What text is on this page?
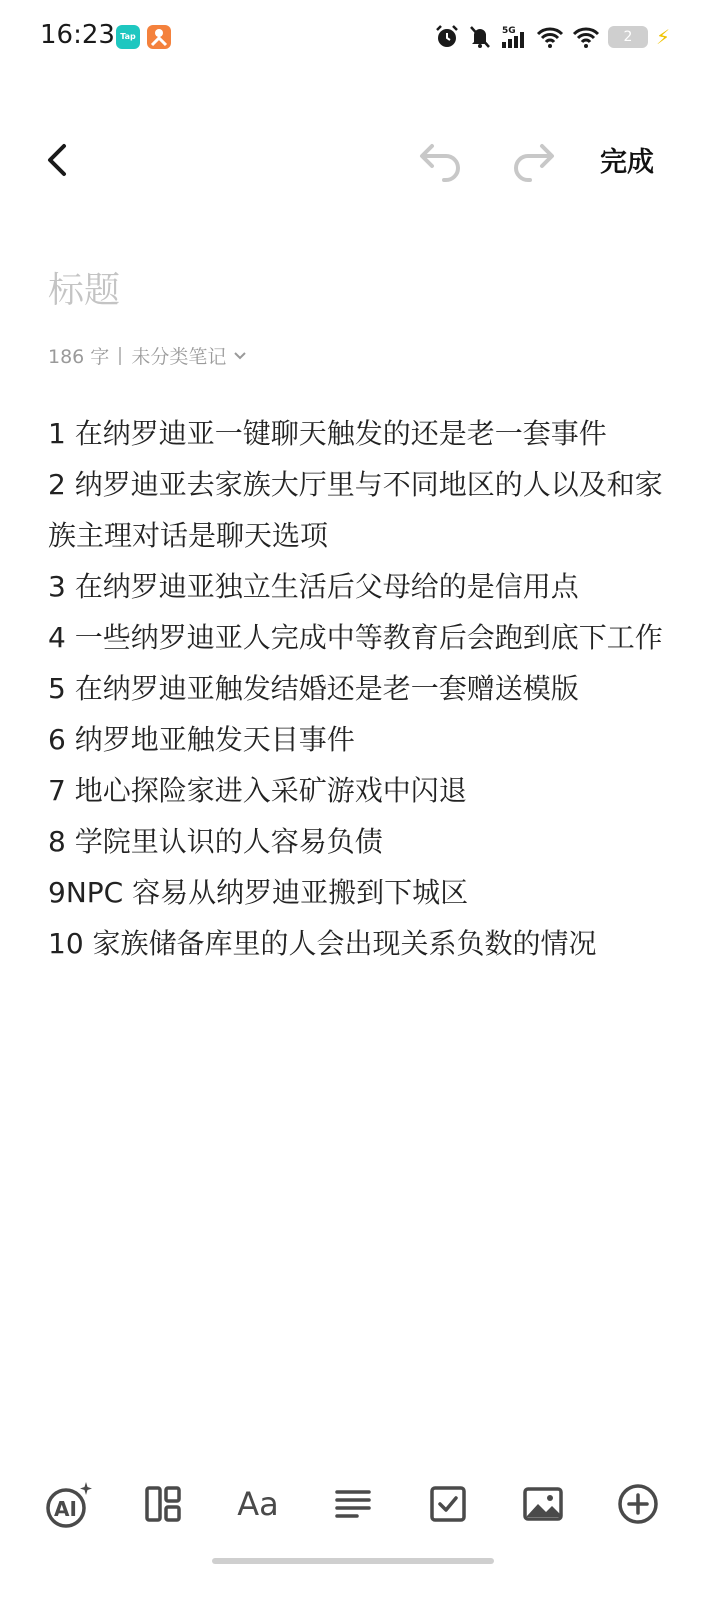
16:23 Tap
5G	2	⚡
完成
标题
186 字 未分类笔记
1 在纳罗迪亚一键聊天触发的还是老一套事件
2 纳罗迪亚去家族大厅里与不同地区的人以及和家族主理对话是聊天选项
3 在纳罗迪亚独立生活后父母给的是信用点
4 一些纳罗迪亚人完成中等教育后会跑到底下工作
5 在纳罗迪亚触发结婚还是老一套赠送模版
6 纳罗地亚触发天目事件
7 地心探险家进入采矿游戏中闪退
8 学院里认识的人容易负债
9NPC 容易从纳罗迪亚搬到下城区
10 家族储备库里的人会出现关系负数的情况
AI	Aa
